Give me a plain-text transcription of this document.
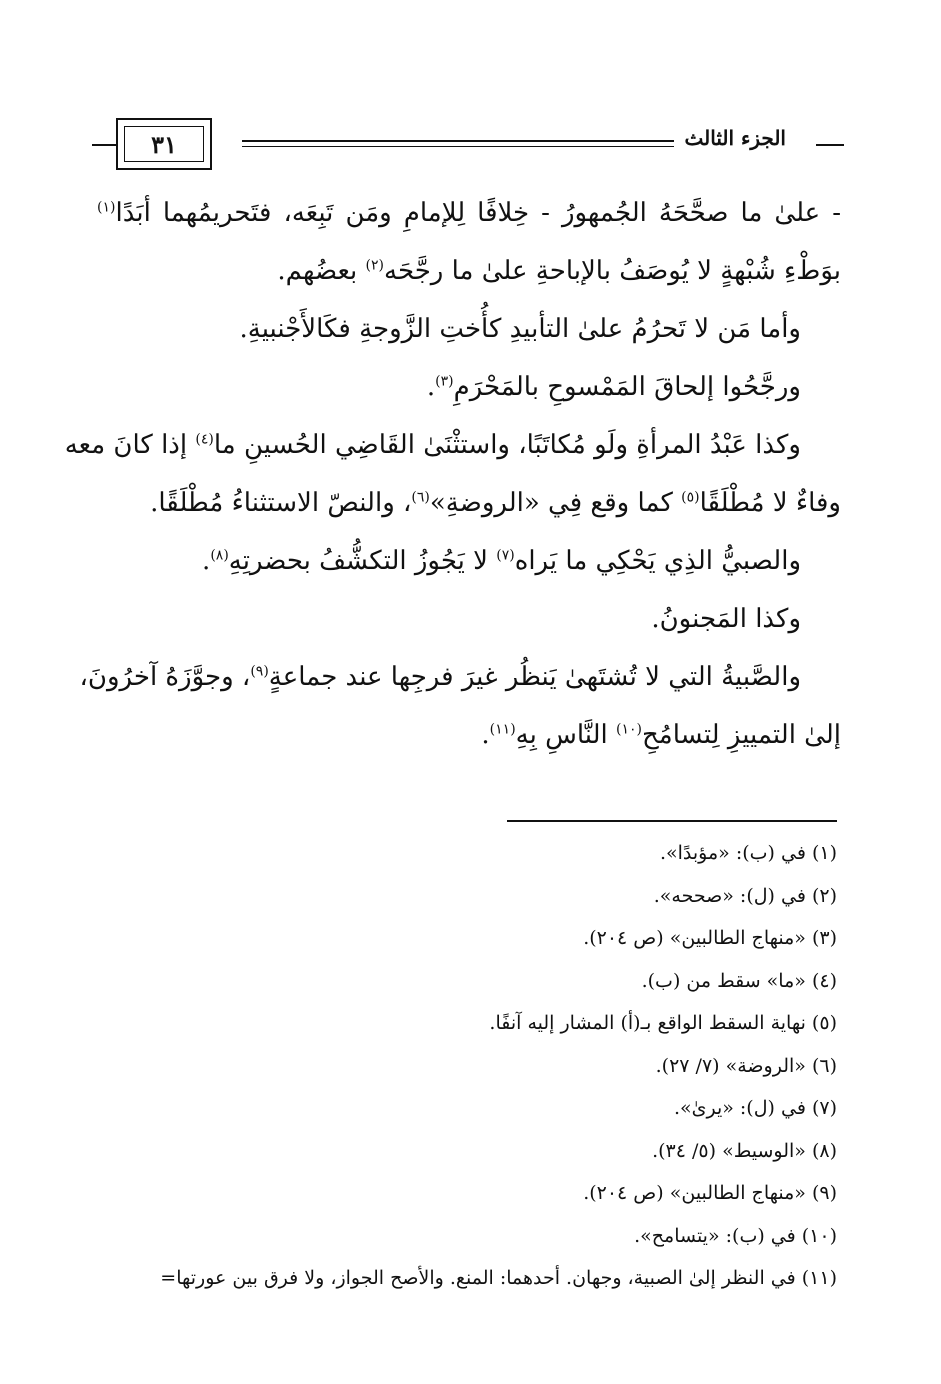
الجزء الثالث
٣١
- علىٰ ما صحَّحَهُ الجُمهورُ - خِلافًا لِلإمامِ ومَن تَبِعَه، فتَحريمُهما أبَدًا$^{(١)}$
بوَطْءِ شُبْهةٍ لا يُوصَفُ بالإباحةِ علىٰ ما رجَّحَه$^{(٢)}$ بعضُهم.
وأما مَن لا تَحرُمُ علىٰ التأبيدِ كأُختِ الزَّوجةِ فكَالأَجْنبيةِ.
ورجَّحُوا إلحاقَ المَمْسوحِ بالمَحْرَمِ$^{(٣)}$.
وكذا عَبْدُ المرأةِ ولَو مُكاتَبًا، واستثْنَىٰ القَاضِي الحُسينِ ما$^{(٤)}$ إذا كانَ معه
وفاءٌ لا مُطْلَقًا$^{(٥)}$ كما وقع فِي «الروضةِ»$^{(٦)}$، والنصّ الاستثناءُ مُطْلَقًا.
والصبيُّ الذِي يَحْكِي ما يَراه$^{(٧)}$ لا يَجُوزُ التكشُّفُ بحضرتِهِ$^{(٨)}$.
وكذا المَجنونُ.
والصَّبيةُ التي لا تُشتَهىٰ يَنظُر غيرَ فرجِها عند جماعةٍ$^{(٩)}$، وجوَّزَهُ آخرُونَ،
إلىٰ التمييزِ لِتسامُحِ$^{(١٠)}$ النَّاسِ بِهِ$^{(١١)}$.
(١) في (ب): «مؤبدًا».
(٢) في (ل): «صححه».
(٣) «منهاج الطالبين» (ص ٢٠٤).
(٤) «ما» سقط من (ب).
(٥) نهاية السقط الواقع بـ(أ) المشار إليه آنفًا.
(٦) «الروضة» (٧/ ٢٧).
(٧) في (ل): «يرىٰ».
(٨) «الوسيط» (٥/ ٣٤).
(٩) «منهاج الطالبين» (ص ٢٠٤).
(١٠) في (ب): «يتسامح».
(١١) في النظر إلىٰ الصبية، وجهان. أحدهما: المنع. والأصح الجواز، ولا فرق بين عورتها=
